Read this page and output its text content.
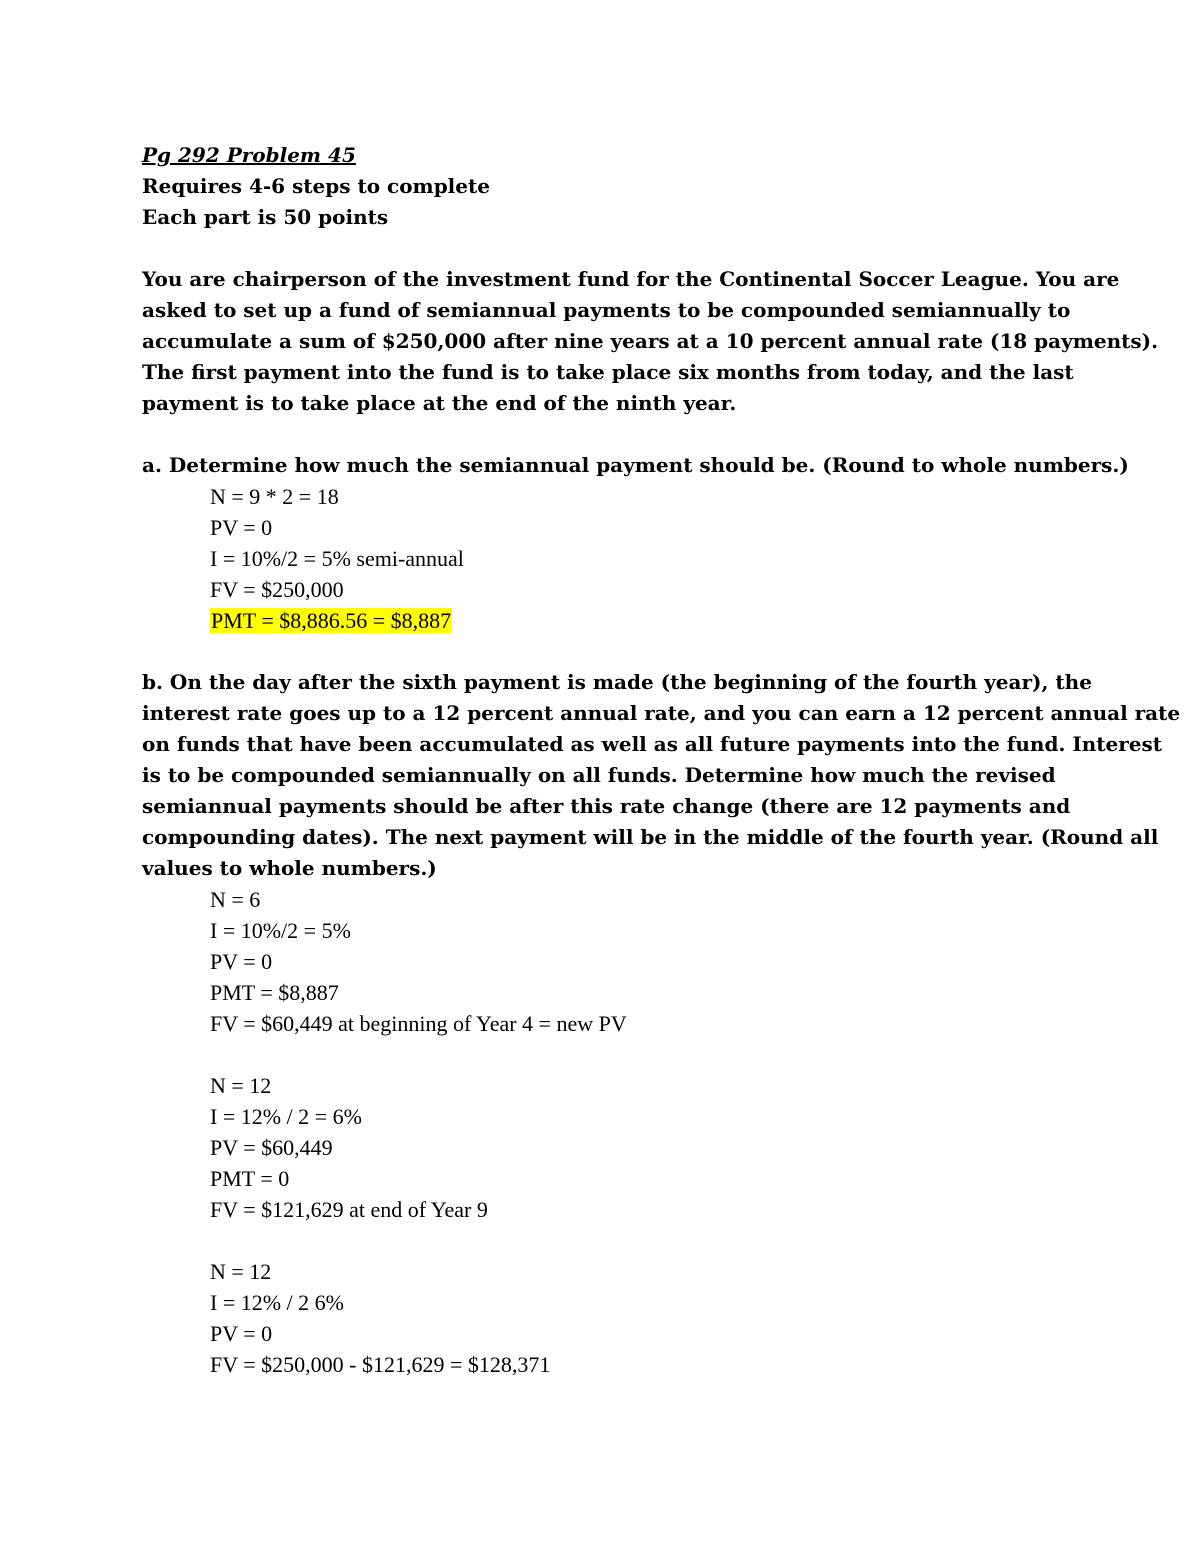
Pg 292 Problem 45
Requires 4-6 steps to complete
Each part is 50 points
You are chairperson of the investment fund for the Continental Soccer League. You are
asked to set up a fund of semiannual payments to be compounded semiannually to
accumulate a sum of $250,000 after nine years at a 10 percent annual rate (18 payments).
The first payment into the fund is to take place six months from today, and the last
payment is to take place at the end of the ninth year.
a. Determine how much the semiannual payment should be. (Round to whole numbers.)
N = 9 * 2 = 18
PV = 0
I = 10%/2 = 5% semi-annual
FV = $250,000
PMT = $8,886.56 = $8,887
b. On the day after the sixth payment is made (the beginning of the fourth year), the
interest rate goes up to a 12 percent annual rate, and you can earn a 12 percent annual rate
on funds that have been accumulated as well as all future payments into the fund. Interest
is to be compounded semiannually on all funds. Determine how much the revised
semiannual payments should be after this rate change (there are 12 payments and
compounding dates). The next payment will be in the middle of the fourth year. (Round all
values to whole numbers.)
N = 6
I = 10%/2 = 5%
PV = 0
PMT = $8,887
FV = $60,449 at beginning of Year 4 = new PV
N = 12
I = 12% / 2 = 6%
PV = $60,449
PMT = 0
FV = $121,629 at end of Year 9
N = 12
I = 12% / 2 6%
PV = 0
FV = $250,000 - $121,629 = $128,371
